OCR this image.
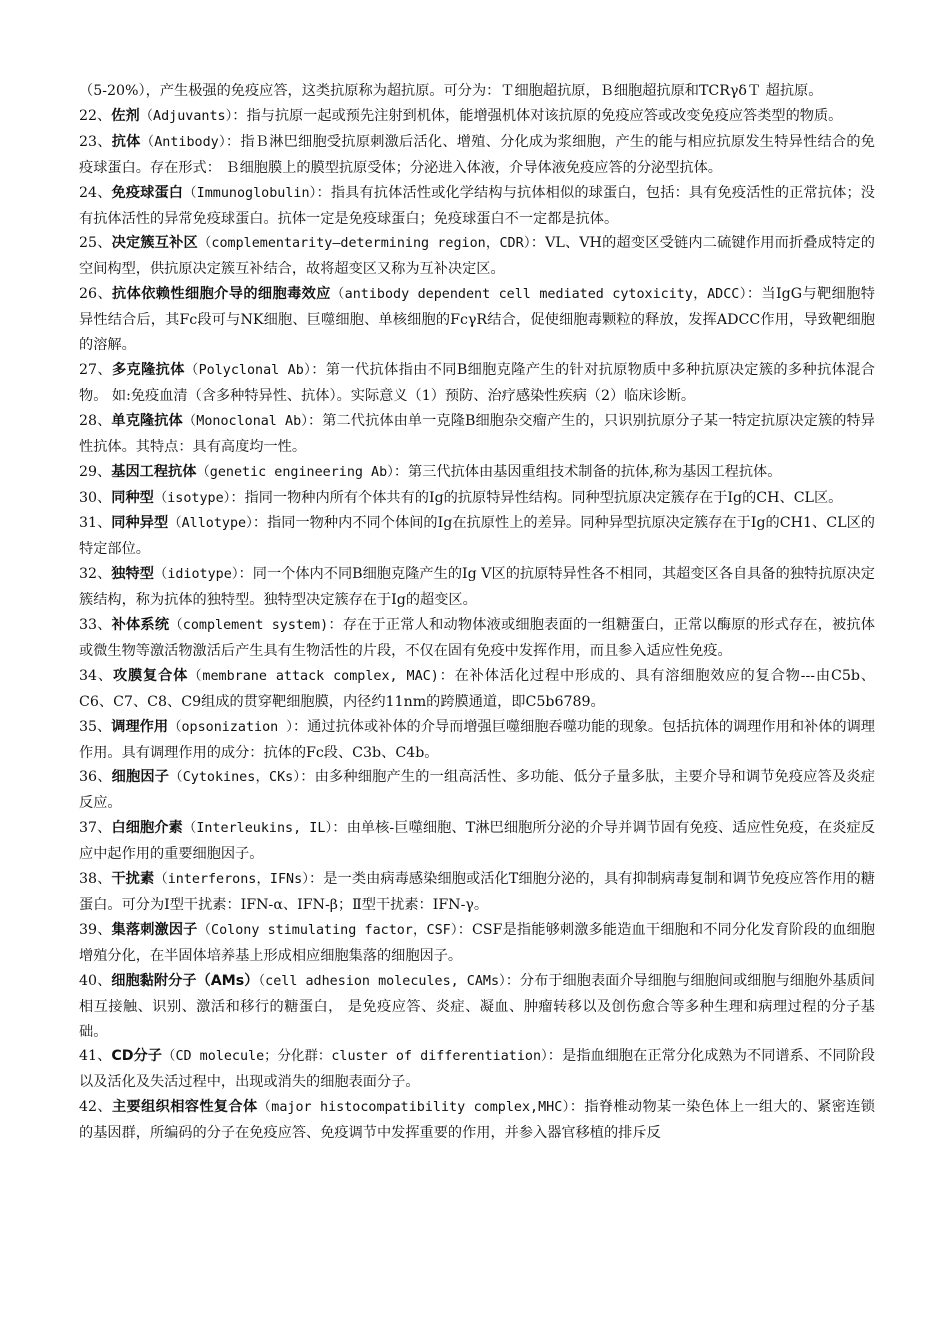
（5-20%），产生极强的免疫应答，这类抗原称为超抗原。可分为：Ｔ细胞超抗原，Ｂ细胞超抗原和TCRγδＴ 超抗原。

22、佐剂（Adjuvants）：指与抗原一起或预先注射到机体，能增强机体对该抗原的免疫应答或改变免疫应答类型的物质。

23、抗体（Antibody）：指Ｂ淋巴细胞受抗原刺激后活化、增殖、分化成为浆细胞，产生的能与相应抗原发生特异性结合的免疫球蛋白。存在形式： Ｂ细胞膜上的膜型抗原受体；分泌进入体液，介导体液免疫应答的分泌型抗体。

24、免疫球蛋白（Immunoglobulin）：指具有抗体活性或化学结构与抗体相似的球蛋白，包括：具有免疫活性的正常抗体；没有抗体活性的异常免疫球蛋白。抗体一定是免疫球蛋白；免疫球蛋白不一定都是抗体。

25、决定簇互补区（complementarity—determining region，CDR）：VL、VH的超变区受链内二硫键作用而折叠成特定的空间构型，供抗原决定簇互补结合，故将超变区又称为互补决定区。

26、抗体依赖性细胞介导的细胞毒效应（antibody dependent cell mediated cytoxicity，ADCC）：当IgG与靶细胞特异性结合后，其Fc段可与NK细胞、巨噬细胞、单核细胞的FcγR结合，促使细胞毒颗粒的释放，发挥ADCC作用，导致靶细胞的溶解。

27、多克隆抗体（Polyclonal Ab）：第一代抗体指由不同B细胞克隆产生的针对抗原物质中多种抗原决定簇的多种抗体混合物。 如:免疫血清（含多种特异性、抗体）。实际意义（1）预防、治疗感染性疾病（2）临床诊断。

28、单克隆抗体（Monoclonal Ab）：第二代抗体由单一克隆B细胞杂交瘤产生的，只识别抗原分子某一特定抗原决定簇的特异性抗体。其特点：具有高度均一性。

29、基因工程抗体（genetic engineering Ab）：第三代抗体由基因重组技术制备的抗体,称为基因工程抗体。

30、同种型（isotype）：指同一物种内所有个体共有的Ig的抗原特异性结构。同种型抗原决定簇存在于Ig的CH、CL区。

31、同种异型（Allotype）：指同一物种内不同个体间的Ig在抗原性上的差异。同种异型抗原决定簇存在于Ig的CH1、CL区的特定部位。

32、独特型（idiotype）：同一个体内不同B细胞克隆产生的Ig V区的抗原特异性各不相同，其超变区各自具备的独特抗原决定簇结构，称为抗体的独特型。独特型决定簇存在于Ig的超变区。

33、补体系统（complement system)：存在于正常人和动物体液或细胞表面的一组糖蛋白，正常以酶原的形式存在，被抗体或微生物等激活物激活后产生具有生物活性的片段，不仅在固有免疫中发挥作用，而且参入适应性免疫。

34、攻膜复合体（membrane attack complex, MAC)：在补体活化过程中形成的、具有溶细胞效应的复合物---由C5b、C6、C7、C8、C9组成的贯穿靶细胞膜，内径约11nm的跨膜通道，即C5b6789。

35、调理作用（opsonization ）：通过抗体或补体的介导而增强巨噬细胞吞噬功能的现象。包括抗体的调理作用和补体的调理作用。具有调理作用的成分：抗体的Fc段、C3b、C4b。

36、细胞因子（Cytokines，CKs）：由多种细胞产生的一组高活性、多功能、低分子量多肽，主要介导和调节免疫应答及炎症反应。

37、白细胞介素（Interleukins, IL）：由单核-巨噬细胞、T淋巴细胞所分泌的介导并调节固有免疫、适应性免疫，在炎症反应中起作用的重要细胞因子。

38、干扰素（interferons，IFNs）：是一类由病毒感染细胞或活化T细胞分泌的，具有抑制病毒复制和调节免疫应答作用的糖蛋白。可分为Ⅰ型干扰素：IFN-α、IFN-β；Ⅱ型干扰素：IFN-γ。

39、集落刺激因子（Colony stimulating factor，CSF）：CSF是指能够刺激多能造血干细胞和不同分化发育阶段的血细胞增殖分化，在半固体培养基上形成相应细胞集落的细胞因子。

40、细胞黏附分子（AMs）（cell adhesion molecules, CAMs）：分布于细胞表面介导细胞与细胞间或细胞与细胞外基质间相互接触、识别、激活和移行的糖蛋白， 是免疫应答、炎症、凝血、肿瘤转移以及创伤愈合等多种生理和病理过程的分子基础。

41、CD分子（CD molecule；分化群：cluster of differentiation）：是指血细胞在正常分化成熟为不同谱系、不同阶段以及活化及失活过程中，出现或消失的细胞表面分子。

42、主要组织相容性复合体（major histocompatibility complex,MHC）：指脊椎动物某一染色体上一组大的、紧密连锁的基因群，所编码的分子在免疫应答、免疫调节中发挥重要的作用，并参入器官移植的排斥反
